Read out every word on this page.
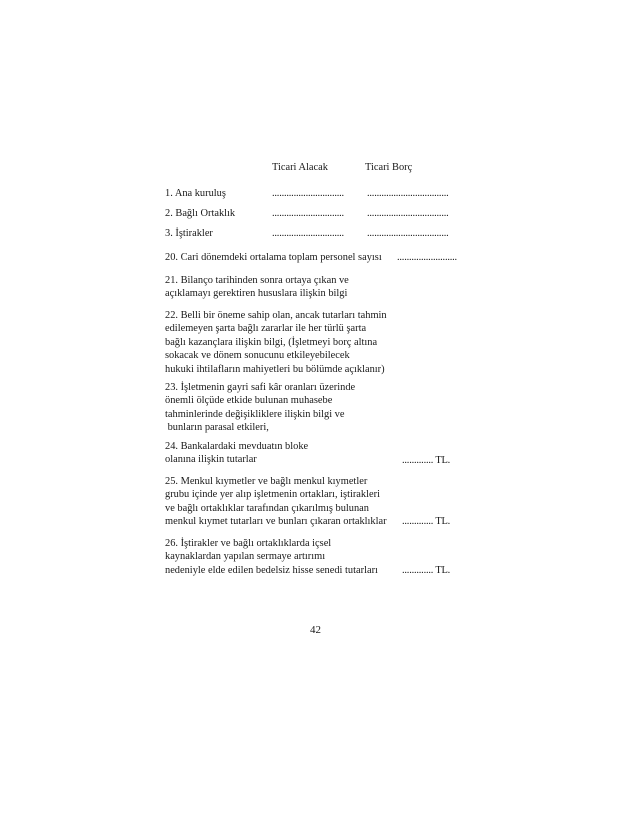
Ticari Alacak	Ticari Borç
1. Ana kuruluş	.............................. ..................................
2. Bağlı Ortaklık	.............................. ..................................
3. İştirakler	.............................. ..................................
20. Cari dönemdeki ortalama toplam personel sayısı .........................
21. Bilanço tarihinden sonra ortaya çıkan ve
açıklamayı gerektiren hususlara ilişkin bilgi
22. Belli bir öneme sahip olan, ancak tutarları tahmin
edilemeyen şarta bağlı zararlar ile her türlü şarta
bağlı kazançlara ilişkin bilgi, (İşletmeyi borç altına
sokacak ve dönem sonucunu etkileyebilecek
hukuki ihtilafların mahiyetleri bu bölümde açıklanır)
23. İşletmenin gayri safi kâr oranları üzerinde
önemli ölçüde etkide bulunan muhasebe
tahminlerinde değişikliklere ilişkin bilgi ve
bunların parasal etkileri,
24. Bankalardaki mevduatın bloke
olanına ilişkin tutarlar	............. TL.
25. Menkul kıymetler ve bağlı menkul kıymetler
grubu içinde yer alıp işletmenin ortakları, iştirakleri
ve bağlı ortaklıklar tarafından çıkarılmış bulunan
menkul kıymet tutarları ve bunları çıkaran ortaklıklar ............. TL.
26. İştirakler ve bağlı ortaklıklarda içsel
kaynaklardan yapılan sermaye artırımı
nedeniyle elde edilen bedelsiz hisse senedi tutarları ............. TL.
42
